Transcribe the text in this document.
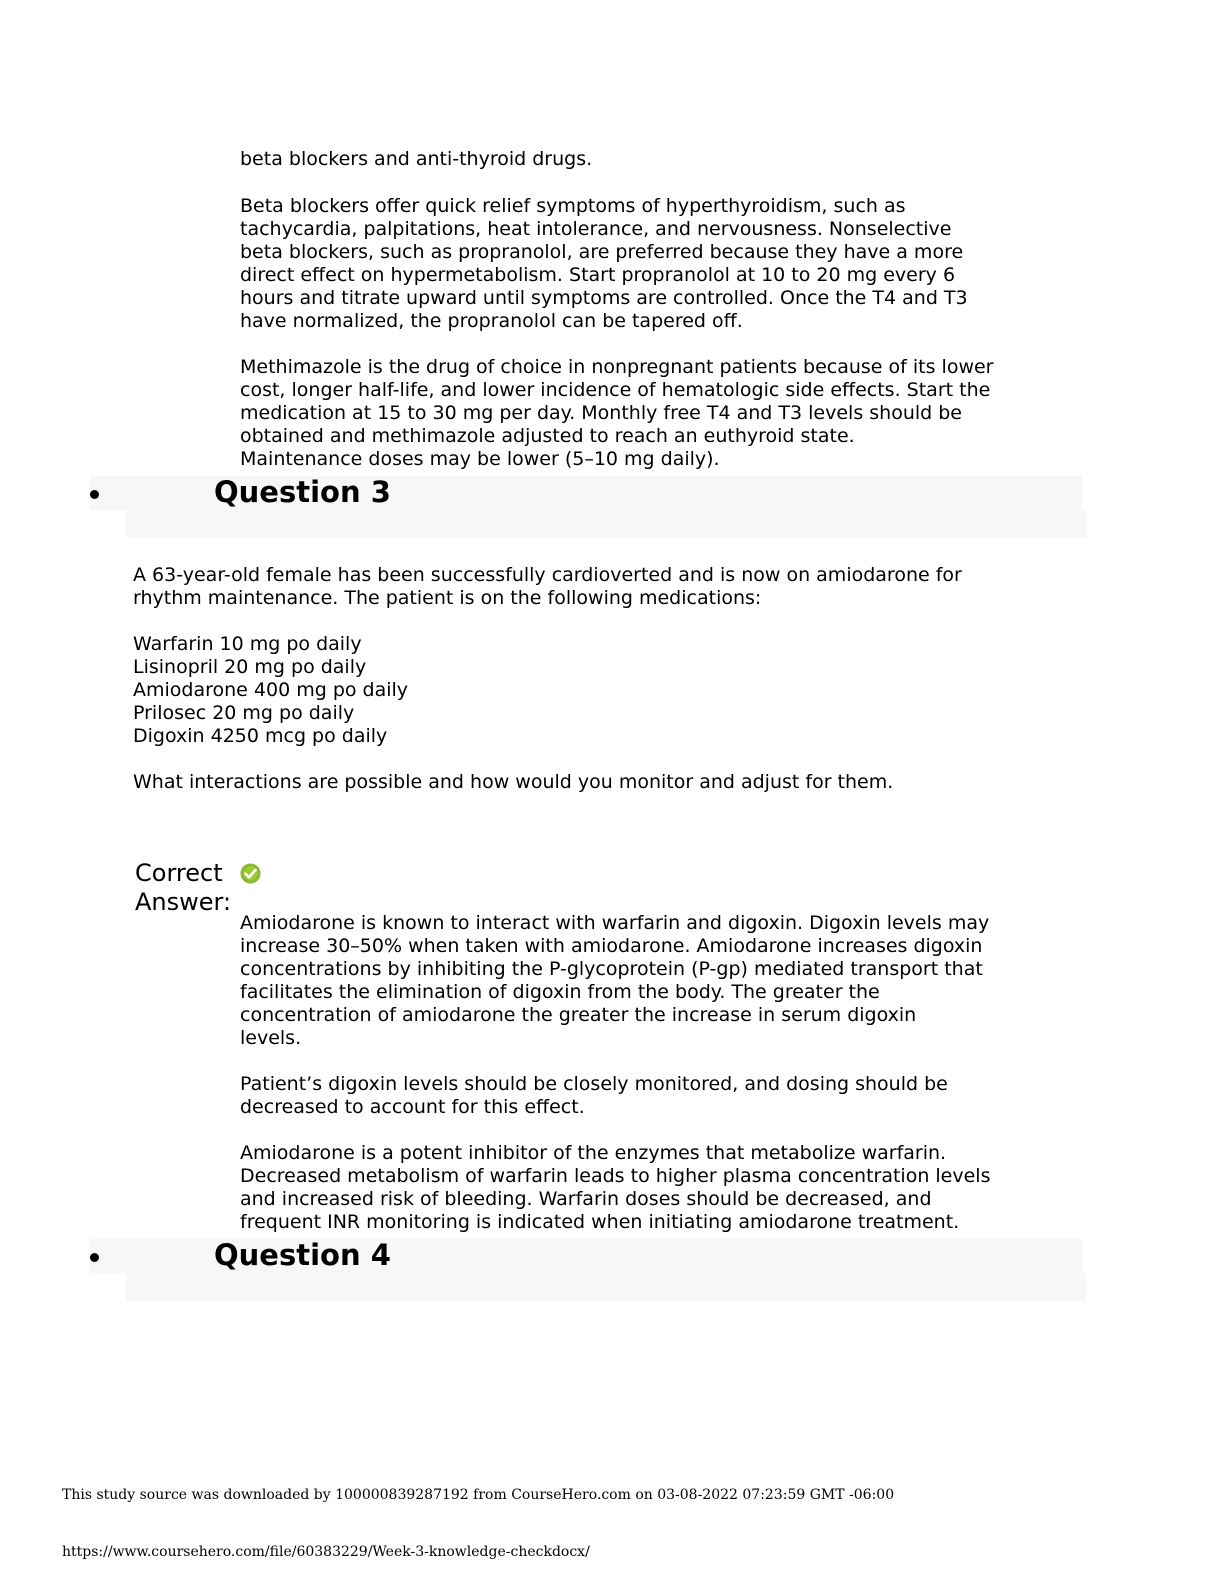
beta blockers and anti-thyroid drugs.

Beta blockers offer quick relief symptoms of hyperthyroidism, such as
tachycardia, palpitations, heat intolerance, and nervousness. Nonselective
beta blockers, such as propranolol, are preferred because they have a more
direct effect on hypermetabolism. Start propranolol at 10 to 20 mg every 6
hours and titrate upward until symptoms are controlled. Once the T4 and T3
have normalized, the propranolol can be tapered off.

Methimazole is the drug of choice in nonpregnant patients because of its lower
cost, longer half-life, and lower incidence of hematologic side effects. Start the
medication at 15 to 30 mg per day. Monthly free T4 and T3 levels should be
obtained and methimazole adjusted to reach an euthyroid state.
Maintenance doses may be lower (5–10 mg daily).

Question 3

A 63-year-old female has been successfully cardioverted and is now on amiodarone for
rhythm maintenance. The patient is on the following medications:

Warfarin 10 mg po daily
Lisinopril 20 mg po daily
Amiodarone 400 mg po daily
Prilosec 20 mg po daily
Digoxin 4250 mcg po daily

What interactions are possible and how would you monitor and adjust for them.

Correct
Answer:

Amiodarone is known to interact with warfarin and digoxin. Digoxin levels may
increase 30–50% when taken with amiodarone. Amiodarone increases digoxin
concentrations by inhibiting the P-glycoprotein (P-gp) mediated transport that
facilitates the elimination of digoxin from the body. The greater the
concentration of amiodarone the greater the increase in serum digoxin
levels.

Patient’s digoxin levels should be closely monitored, and dosing should be
decreased to account for this effect.

Amiodarone is a potent inhibitor of the enzymes that metabolize warfarin.
Decreased metabolism of warfarin leads to higher plasma concentration levels
and increased risk of bleeding. Warfarin doses should be decreased, and
frequent INR monitoring is indicated when initiating amiodarone treatment.

Question 4
This study source was downloaded by 100000839287192 from CourseHero.com on 03-08-2022 07:23:59 GMT -06:00
https://www.coursehero.com/file/60383229/Week-3-knowledge-checkdocx/
